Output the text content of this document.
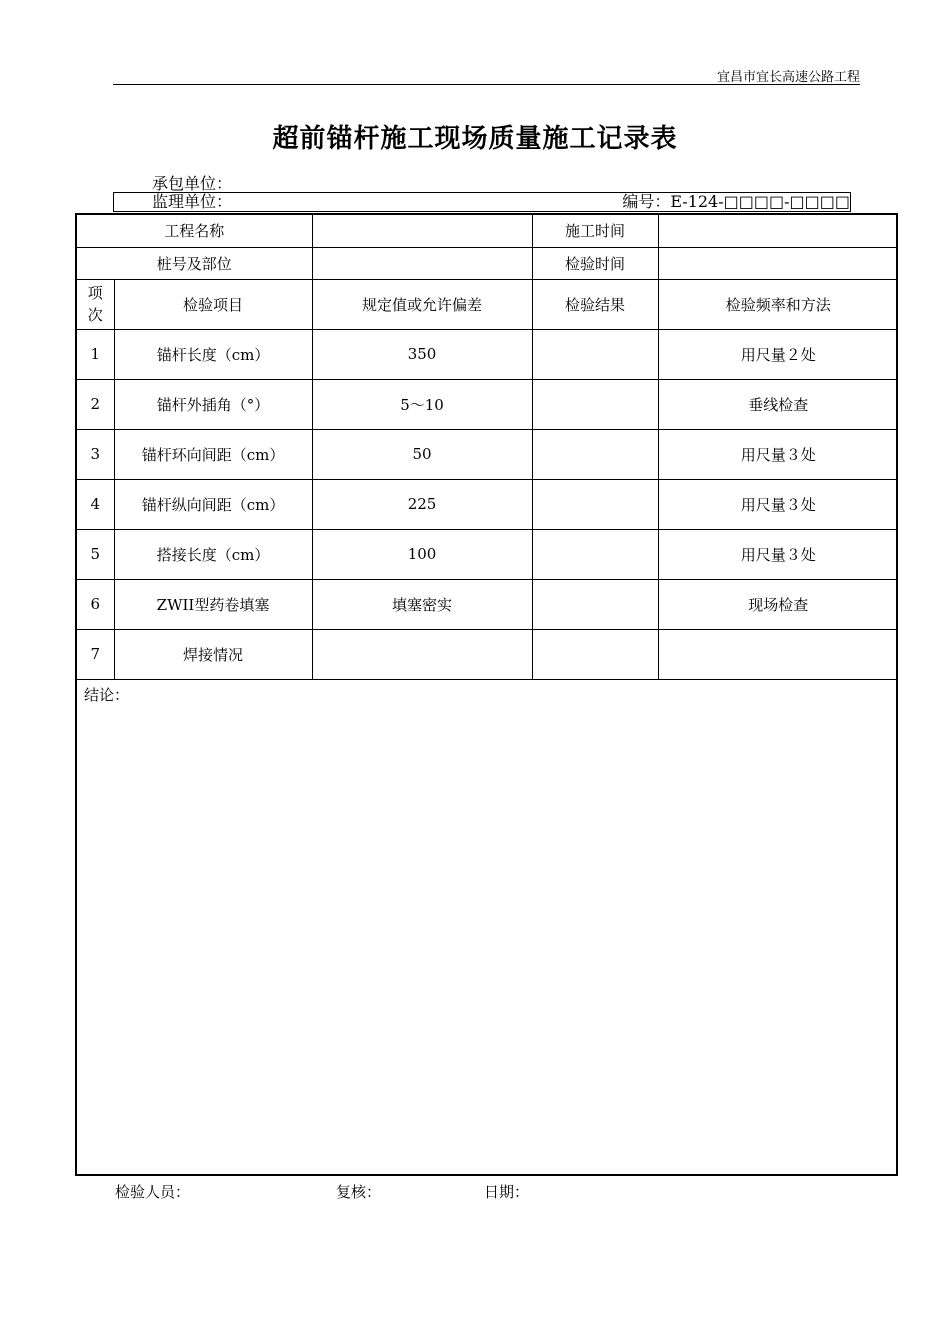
宜昌市宜长高速公路工程
超前锚杆施工现场质量施工记录表
承包单位：
监理单位：	编号：E-124-□□□□-□□□□
工程名称			施工时间	
桩号及部位			检验时间	
项次	检验项目	规定值或允许偏差	检验结果	检验频率和方法
1	锚杆长度（cm）	350		用尺量２处
2	锚杆外插角（°）	5～10		垂线检查
3	锚杆环向间距（cm）	50		用尺量３处
4	锚杆纵向间距（cm）	225		用尺量３处
5	搭接长度（cm）	100		用尺量３处
6	ZWII型药卷填塞	填塞密实		现场检查
7	焊接情况			
结论：
检验人员：	复核：	日期：
